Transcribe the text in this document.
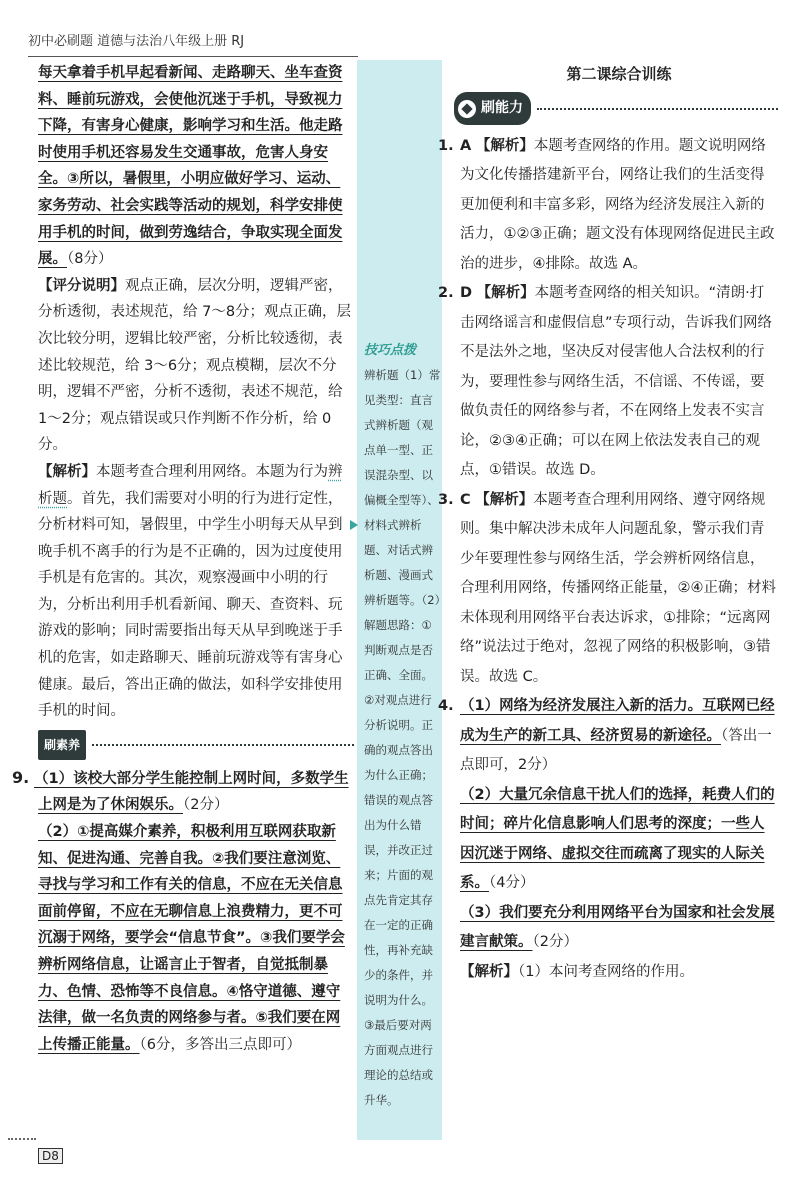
初中必刷题 道德与法治八年级上册 RJ

每天拿着手机早起看新闻、走路聊天、坐车查资料、睡前玩游戏，会使他沉迷于手机，导致视力下降，有害身心健康，影响学习和生活。他走路时使用手机还容易发生交通事故，危害人身安全。③所以，暑假里，小明应做好学习、运动、家务劳动、社会实践等活动的规划，科学安排使用手机的时间，做到劳逸结合，争取实现全面发展。（8分）

【评分说明】观点正确，层次分明，逻辑严密，分析透彻，表述规范，给 7～8分；观点正确，层次比较分明，逻辑比较严密，分析比较透彻，表述比较规范，给 3～6分；观点模糊，层次不分明，逻辑不严密，分析不透彻，表述不规范，给 1～2分；观点错误或只作判断不作分析，给 0分。

【解析】本题考查合理利用网络。本题为行为辨析题。首先，我们需要对小明的行为进行定性，分析材料可知，暑假里，中学生小明每天从早到晚手机不离手的行为是不正确的，因为过度使用手机是有危害的。其次，观察漫画中小明的行为，分析出利用手机看新闻、聊天、查资料、玩游戏的影响；同时需要指出每天从早到晚迷于手机的危害，如走路聊天、睡前玩游戏等有害身心健康。最后，答出正确的做法，如科学安排使用手机的时间。

刷素养

9. （1）该校大部分学生能控制上网时间，多数学生上网是为了休闲娱乐。（2分）

（2）①提高媒介素养，积极利用互联网获取新知、促进沟通、完善自我。②我们要注意浏览、寻找与学习和工作有关的信息，不应在无关信息面前停留，不应在无聊信息上浪费精力，更不可沉溺于网络，要学会“信息节食”。③我们要学会辨析网络信息，让谣言止于智者，自觉抵制暴力、色情、恐怖等不良信息。④恪守道德、遵守法律，做一名负责的网络参与者。⑤我们要在网上传播正能量。（6分，多答出三点即可）

技巧点拨
辨析题（1）常见类型：直言式辨析题（观点单一型、正误混杂型、以偏概全型等）、材料式辨析题、对话式辨析题、漫画式辨析题等。（2）解题思路：①判断观点是否正确、全面。②对观点进行分析说明。正确的观点答出为什么正确；错误的观点答出为什么错误，并改正过来；片面的观点先肯定其存在一定的正确性，再补充缺少的条件，并说明为什么。③最后要对两方面观点进行理论的总结或升华。

第二课综合训练

刷能力

1. A 【解析】本题考查网络的作用。题文说明网络为文化传播搭建新平台，网络让我们的生活变得更加便利和丰富多彩，网络为经济发展注入新的活力，①②③正确；题文没有体现网络促进民主政治的进步，④排除。故选 A。

2. D 【解析】本题考查网络的相关知识。“清朗·打击网络谣言和虚假信息”专项行动，告诉我们网络不是法外之地，坚决反对侵害他人合法权利的行为，要理性参与网络生活，不信谣、不传谣，要做负责任的网络参与者，不在网络上发表不实言论，②③④正确；可以在网上依法发表自己的观点，①错误。故选 D。

3. C 【解析】本题考查合理利用网络、遵守网络规则。集中解决涉未成年人问题乱象，警示我们青少年要理性参与网络生活，学会辨析网络信息，合理利用网络，传播网络正能量，②④正确；材料未体现利用网络平台表达诉求，①排除；“远离网络”说法过于绝对，忽视了网络的积极影响，③错误。故选 C。

4. （1）网络为经济发展注入新的活力。互联网已经成为生产的新工具、经济贸易的新途径。（答出一点即可，2分）

（2）大量冗余信息干扰人们的选择，耗费人们的时间；碎片化信息影响人们思考的深度；一些人因沉迷于网络、虚拟交往而疏离了现实的人际关系。（4分）

（3）我们要充分利用网络平台为国家和社会发展建言献策。（2分）

【解析】（1）本问考查网络的作用。

D8
